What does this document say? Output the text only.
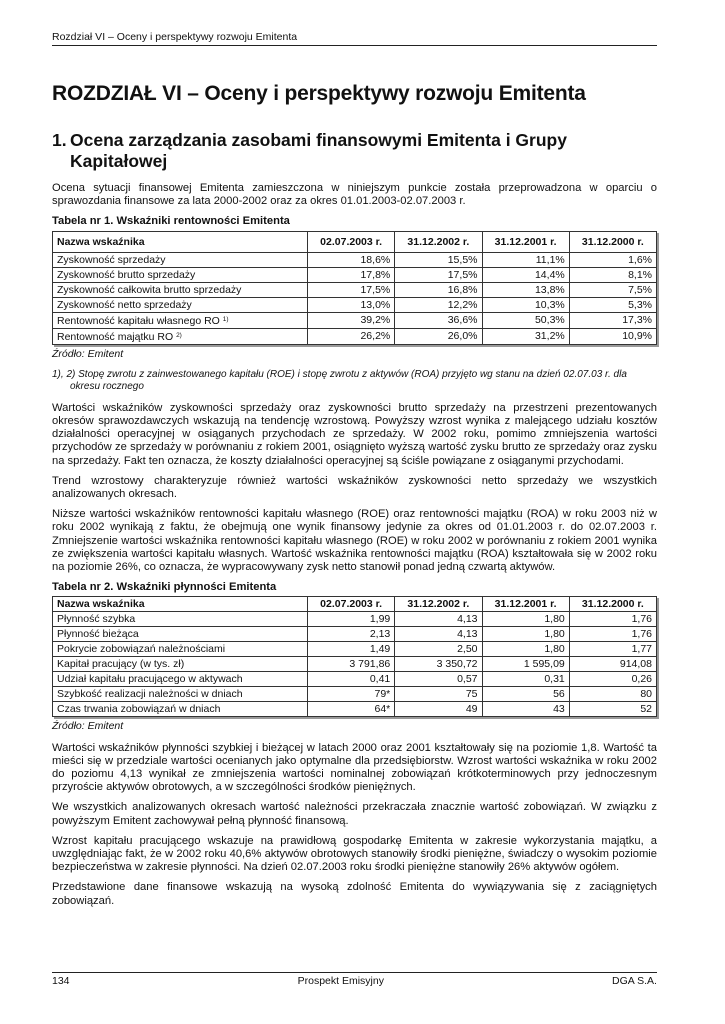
Rozdział VI – Oceny i perspektywy rozwoju Emitenta
ROZDZIAŁ VI – Oceny i perspektywy rozwoju Emitenta
1. Ocena zarządzania zasobami finansowymi Emitenta i Grupy
Kapitałowej

Ocena sytuacji finansowej Emitenta zamieszczona w niniejszym punkcie została przeprowadzona w oparciu o sprawozdania finansowe za lata 2000-2002 oraz za okres 01.01.2003-02.07.2003 r.

Tabela nr 1. Wskaźniki rentowności Emitenta
Nazwa wskaźnika	02.07.2003 r.	31.12.2002 r.	31.12.2001 r.	31.12.2000 r.
Zyskowność sprzedaży	18,6%	15,5%	11,1%	1,6%
Zyskowność brutto sprzedaży	17,8%	17,5%	14,4%	8,1%
Zyskowność całkowita brutto sprzedaży	17,5%	16,8%	13,8%	7,5%
Zyskowność netto sprzedaży	13,0%	12,2%	10,3%	5,3%
Rentowność kapitału własnego RO $^{1)}$	39,2%	36,6%	50,3%	17,3%
Rentowność majątku RO $^{2)}$	26,2%	26,0%	31,2%	10,9%
Źródło: Emitent
1), 2) Stopę zwrotu z zainwestowanego kapitału (ROE) i stopę zwrotu z aktywów (ROA) przyjęto wg stanu na dzień 02.07.03 r. dla okresu rocznego

Wartości wskaźników zyskowności sprzedaży oraz zyskowności brutto sprzedaży na przestrzeni prezentowanych okresów sprawozdawczych wskazują na tendencję wzrostową. Powyższy wzrost wynika z malejącego udziału kosztów działalności operacyjnej w osiąganych przychodach ze sprzedaży. W 2002 roku, pomimo zmniejszenia wartości przychodów ze sprzedaży w porównaniu z rokiem 2001, osiągnięto wyższą wartość zysku brutto ze sprzedaży oraz zysku na sprzedaży. Fakt ten oznacza, że koszty działalności operacyjnej są ściśle powiązane z osiąganymi przychodami.

Trend wzrostowy charakteryzuje również wartości wskaźników zyskowności netto sprzedaży we wszystkich analizowanych okresach.

Niższe wartości wskaźników rentowności kapitału własnego (ROE) oraz rentowności majątku (ROA) w roku 2003 niż w roku 2002 wynikają z faktu, że obejmują one wynik finansowy jedynie za okres od 01.01.2003 r. do 02.07.2003 r. Zmniejszenie wartości wskaźnika rentowności kapitału własnego (ROE) w roku 2002 w porównaniu z rokiem 2001 wynika ze zwiększenia wartości kapitału własnych. Wartość wskaźnika rentowności majątku (ROA) kształtowała się w 2002 roku na poziomie 26%, co oznacza, że wypracowywany zysk netto stanowił ponad jedną czwartą aktywów.

Tabela nr 2. Wskaźniki płynności Emitenta
Nazwa wskaźnika	02.07.2003 r.	31.12.2002 r.	31.12.2001 r.	31.12.2000 r.
Płynność szybka	1,99	4,13	1,80	1,76
Płynność bieżąca	2,13	4,13	1,80	1,76
Pokrycie zobowiązań należnościami	1,49	2,50	1,80	1,77
Kapitał pracujący (w tys. zł)	3 791,86	3 350,72	1 595,09	914,08
Udział kapitału pracującego w aktywach	0,41	0,57	0,31	0,26
Szybkość realizacji należności w dniach	79*	75	56	80
Czas trwania zobowiązań w dniach	64*	49	43	52
Źródło: Emitent

Wartości wskaźników płynności szybkiej i bieżącej w latach 2000 oraz 2001 kształtowały się na poziomie 1,8. Wartość ta mieści się w przedziale wartości ocenianych jako optymalne dla przedsiębiorstw. Wzrost wartości wskaźnika w roku 2002 do poziomu 4,13 wynikał ze zmniejszenia wartości nominalnej zobowiązań krótkoterminowych przy jednoczesnym przyroście aktywów obrotowych, a w szczególności środków pieniężnych.

We wszystkich analizowanych okresach wartość należności przekraczała znacznie wartość zobowiązań. W związku z powyższym Emitent zachowywał pełną płynność finansową.

Wzrost kapitału pracującego wskazuje na prawidłową gospodarkę Emitenta w zakresie wykorzystania majątku, a uwzględniając fakt, że w 2002 roku 40,6% aktywów obrotowych stanowiły środki pieniężne, świadczy o wysokim poziomie bezpieczeństwa w zakresie płynności. Na dzień 02.07.2003 roku środki pieniężne stanowiły 26% aktywów ogółem.

Przedstawione dane finansowe wskazują na wysoką zdolność Emitenta do wywiązywania się z zaciągniętych zobowiązań.

134	Prospekt Emisyjny	DGA S.A.
